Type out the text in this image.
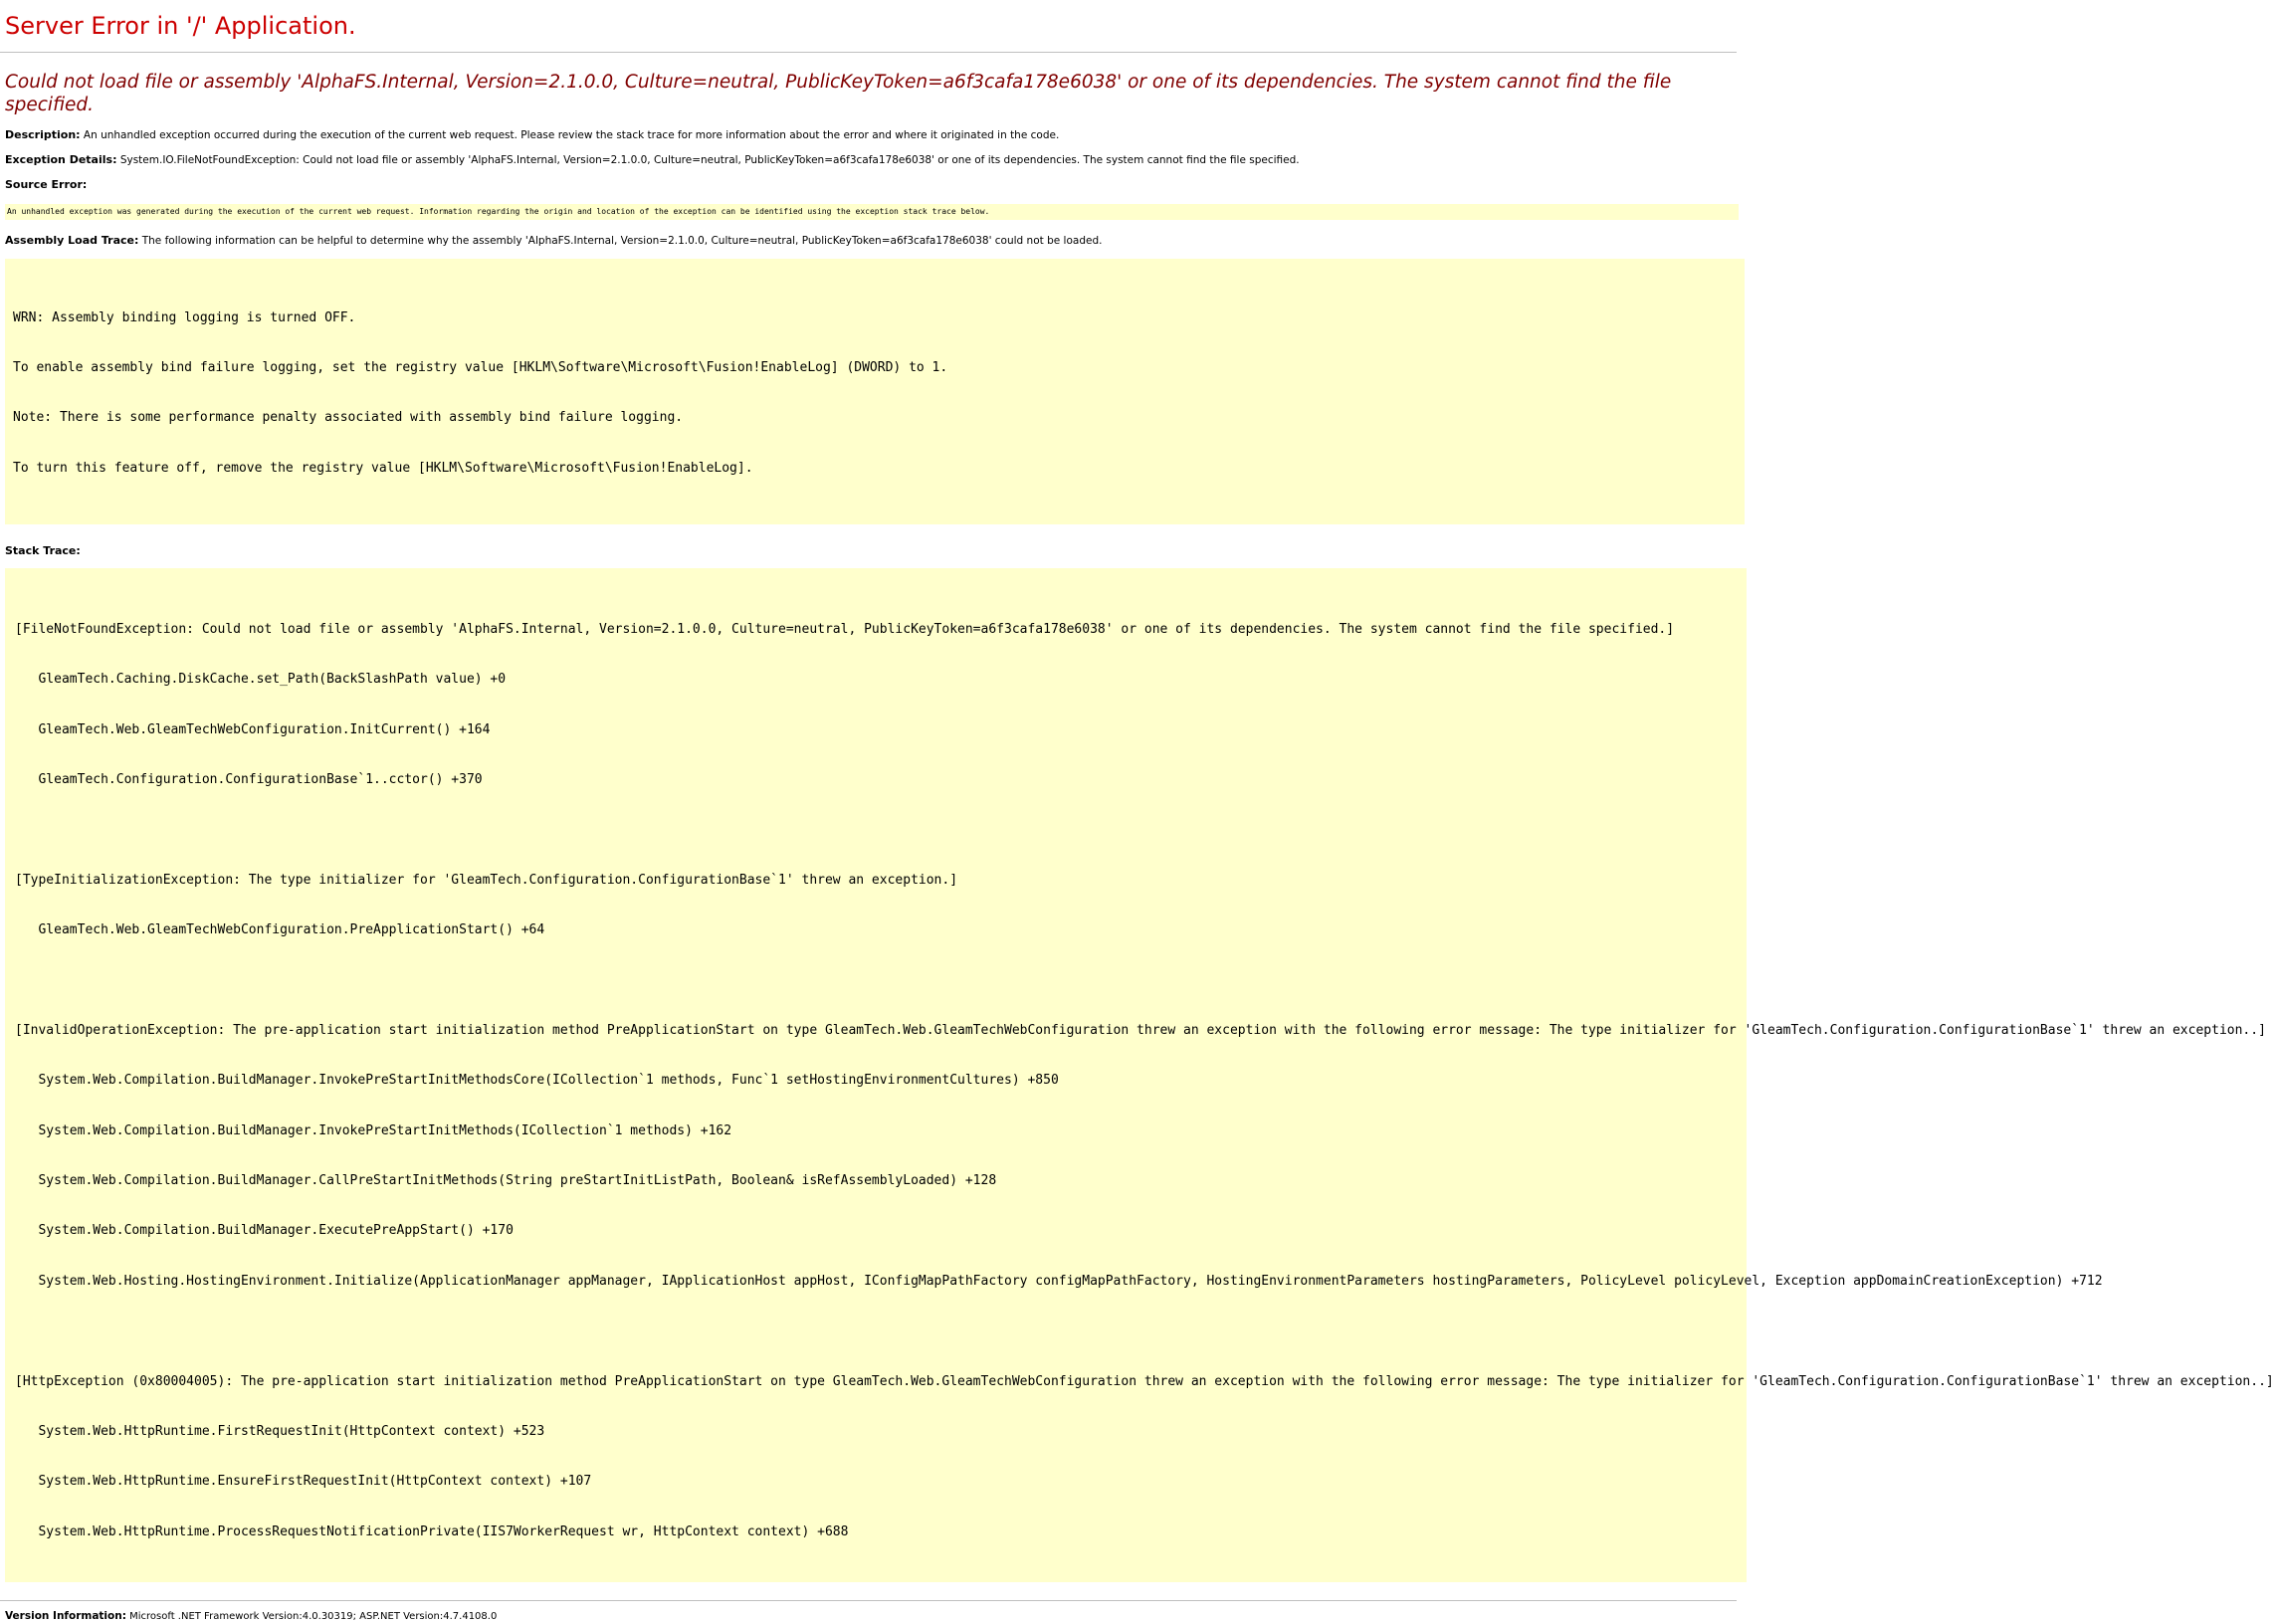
Server Error in '/' Application.
Could not load file or assembly 'AlphaFS.Internal, Version=2.1.0.0, Culture=neutral, PublicKeyToken=a6f3cafa178e6038' or one of its dependencies. The system cannot find the file specified.
Description: An unhandled exception occurred during the execution of the current web request. Please review the stack trace for more information about the error and where it originated in the code.
Exception Details: System.IO.FileNotFoundException: Could not load file or assembly 'AlphaFS.Internal, Version=2.1.0.0, Culture=neutral, PublicKeyToken=a6f3cafa178e6038' or one of its dependencies. The system cannot find the file specified.
Source Error:
An unhandled exception was generated during the execution of the current web request. Information regarding the origin and location of the exception can be identified using the exception stack trace below.
Assembly Load Trace: The following information can be helpful to determine why the assembly 'AlphaFS.Internal, Version=2.1.0.0, Culture=neutral, PublicKeyToken=a6f3cafa178e6038' could not be loaded.

WRN: Assembly binding logging is turned OFF.

To enable assembly bind failure logging, set the registry value [HKLM\Software\Microsoft\Fusion!EnableLog] (DWORD) to 1.

Note: There is some performance penalty associated with assembly bind failure logging.

To turn this feature off, remove the registry value [HKLM\Software\Microsoft\Fusion!EnableLog].

Stack Trace:

[FileNotFoundException: Could not load file or assembly 'AlphaFS.Internal, Version=2.1.0.0, Culture=neutral, PublicKeyToken=a6f3cafa178e6038' or one of its dependencies. The system cannot find the file specified.]

GleamTech.Caching.DiskCache.set_Path(BackSlashPath value) +0

GleamTech.Web.GleamTechWebConfiguration.InitCurrent() +164

GleamTech.Configuration.ConfigurationBase`1..cctor() +370

[TypeInitializationException: The type initializer for 'GleamTech.Configuration.ConfigurationBase`1' threw an exception.]

GleamTech.Web.GleamTechWebConfiguration.PreApplicationStart() +64

[InvalidOperationException: The pre-application start initialization method PreApplicationStart on type GleamTech.Web.GleamTechWebConfiguration threw an exception with the following error message: The type initializer for 'GleamTech.Configuration.ConfigurationBase`1' threw an exception..]

System.Web.Compilation.BuildManager.InvokePreStartInitMethodsCore(ICollection`1 methods, Func`1 setHostingEnvironmentCultures) +850

System.Web.Compilation.BuildManager.InvokePreStartInitMethods(ICollection`1 methods) +162

System.Web.Compilation.BuildManager.CallPreStartInitMethods(String preStartInitListPath, Boolean& isRefAssemblyLoaded) +128

System.Web.Compilation.BuildManager.ExecutePreAppStart() +170

System.Web.Hosting.HostingEnvironment.Initialize(ApplicationManager appManager, IApplicationHost appHost, IConfigMapPathFactory configMapPathFactory, HostingEnvironmentParameters hostingParameters, PolicyLevel policyLevel, Exception appDomainCreationException) +712

[HttpException (0x80004005): The pre-application start initialization method PreApplicationStart on type GleamTech.Web.GleamTechWebConfiguration threw an exception with the following error message: The type initializer for 'GleamTech.Configuration.ConfigurationBase`1' threw an exception..]

System.Web.HttpRuntime.FirstRequestInit(HttpContext context) +523

System.Web.HttpRuntime.EnsureFirstRequestInit(HttpContext context) +107

System.Web.HttpRuntime.ProcessRequestNotificationPrivate(IIS7WorkerRequest wr, HttpContext context) +688

Version Information: Microsoft .NET Framework Version:4.0.30319; ASP.NET Version:4.7.4108.0
